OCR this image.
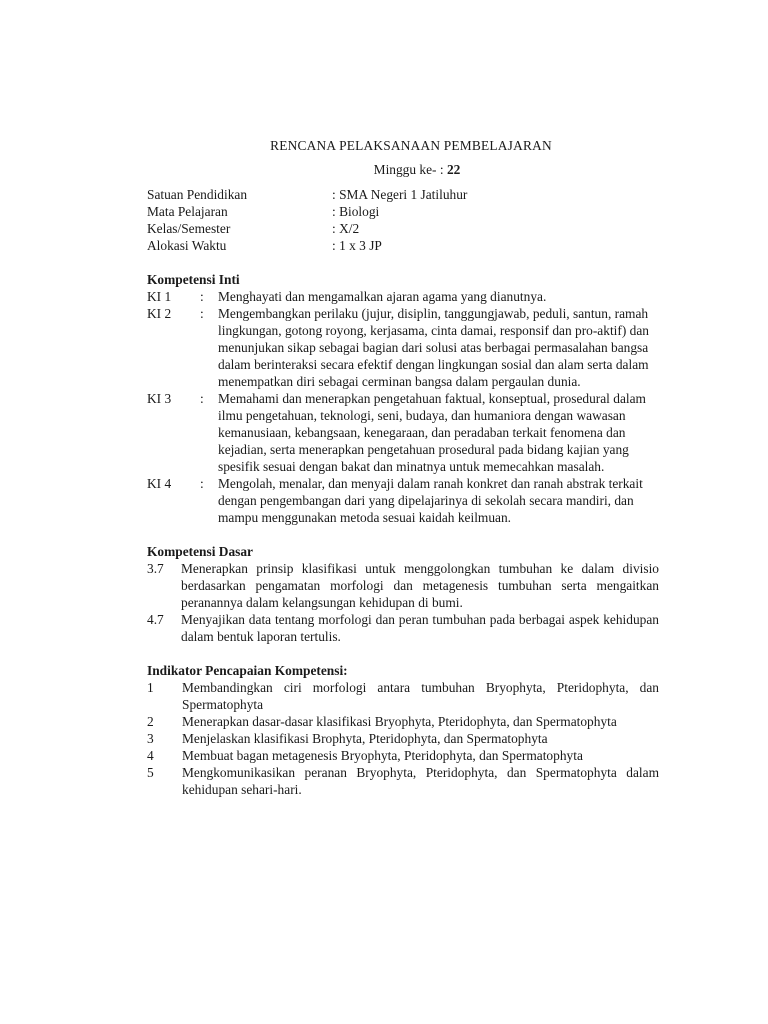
RENCANA PELAKSANAAN PEMBELAJARAN
Minggu ke- : 22
Satuan Pendidikan	: SMA Negeri 1 Jatiluhur
Mata Pelajaran	: Biologi
Kelas/Semester	: X/2
Alokasi Waktu	: 1 x 3 JP
Kompetensi Inti
KI 1	:	Menghayati dan mengamalkan ajaran agama yang dianutnya.
KI 2	:	Mengembangkan perilaku (jujur, disiplin, tanggungjawab, peduli, santun, ramah lingkungan, gotong royong, kerjasama, cinta damai, responsif dan pro-aktif) dan menunjukan sikap sebagai bagian dari solusi atas berbagai permasalahan bangsa dalam berinteraksi secara efektif dengan lingkungan sosial dan alam serta dalam menempatkan diri sebagai cerminan bangsa dalam pergaulan dunia.
KI 3	:	Memahami dan menerapkan pengetahuan faktual, konseptual, prosedural dalam ilmu pengetahuan, teknologi, seni, budaya, dan humaniora dengan wawasan kemanusiaan, kebangsaan, kenegaraan, dan peradaban terkait fenomena dan kejadian, serta menerapkan pengetahuan prosedural pada bidang kajian yang spesifik sesuai dengan bakat dan minatnya untuk memecahkan masalah.
KI 4	:	Mengolah, menalar, dan menyaji dalam ranah konkret dan ranah abstrak terkait dengan pengembangan dari yang dipelajarinya di sekolah secara mandiri, dan mampu menggunakan metoda sesuai kaidah keilmuan.
Kompetensi Dasar
3.7	Menerapkan prinsip klasifikasi untuk menggolongkan tumbuhan ke dalam divisio berdasarkan pengamatan morfologi dan metagenesis tumbuhan serta mengaitkan peranannya dalam kelangsungan kehidupan di bumi.
4.7	Menyajikan data tentang morfologi dan peran tumbuhan pada berbagai aspek kehidupan dalam bentuk laporan tertulis.
Indikator Pencapaian Kompetensi:
1	Membandingkan ciri morfologi antara tumbuhan Bryophyta, Pteridophyta, dan Spermatophyta
2	Menerapkan dasar-dasar klasifikasi Bryophyta, Pteridophyta, dan Spermatophyta
3	Menjelaskan klasifikasi Brophyta, Pteridophyta, dan Spermatophyta
4	Membuat bagan metagenesis Bryophyta, Pteridophyta, dan Spermatophyta
5	Mengkomunikasikan peranan Bryophyta, Pteridophyta, dan Spermatophyta dalam kehidupan sehari-hari.
